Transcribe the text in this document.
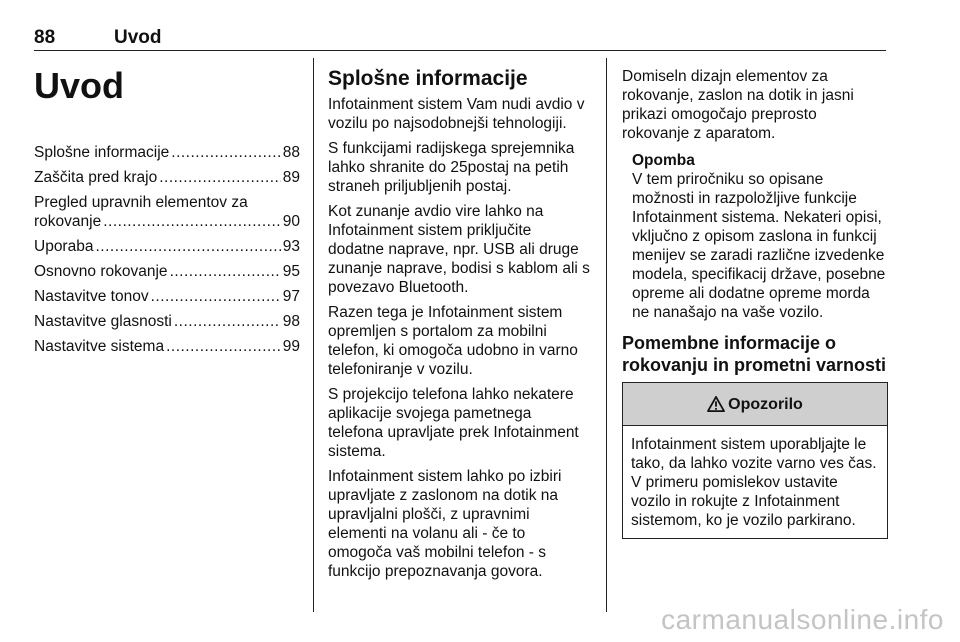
88	Uvod
Uvod
Splošne informacije .....	88
Zaščita pred krajo .....	89
Pregled upravnih elementov za
rokovanje .....	90
Uporaba .....	93
Osnovno rokovanje .....	95
Nastavitve tonov .....	97
Nastavitve glasnosti .....	98
Nastavitve sistema .....	99
Splošne informacije

Infotainment sistem Vam nudi avdio v vozilu po najsodobnejši tehnologiji.

S funkcijami radijskega sprejemnika lahko shranite do 25postaj na petih straneh priljubljenih postaj.

Kot zunanje avdio vire lahko na Infotainment sistem priključite dodatne naprave, npr. USB ali druge zunanje naprave, bodisi s kablom ali s povezavo Bluetooth.

Razen tega je Infotainment sistem opremljen s portalom za mobilni telefon, ki omogoča udobno in varno telefoniranje v vozilu.

S projekcijo telefona lahko nekatere aplikacije svojega pametnega telefona upravljate prek Infotainment sistema.

Infotainment sistem lahko po izbiri upravljate z zaslonom na dotik na upravljalni plošči, z upravnimi elementi na volanu ali - če to omogoča vaš mobilni telefon - s funkcijo prepoznavanja govora.

Domiseln dizajn elementov za rokovanje, zaslon na dotik in jasni prikazi omogočajo preprosto rokovanje z aparatom.

Opomba
V tem priročniku so opisane možnosti in razpoložljive funkcije Infotainment sistema. Nekateri opisi, vključno z opisom zaslona in funkcij menijev se zaradi različne izvedenke modela, specifikacij države, posebne opreme ali dodatne opreme morda ne nanašajo na vaše vozilo.
Pomembne informacije o rokovanju in prometni varnosti
Opozorilo
Infotainment sistem uporabljajte le tako, da lahko vozite varno ves čas. V primeru pomislekov ustavite vozilo in rokujte z Infotainment sistemom, ko je vozilo parkirano.
carmanualsonline.info
